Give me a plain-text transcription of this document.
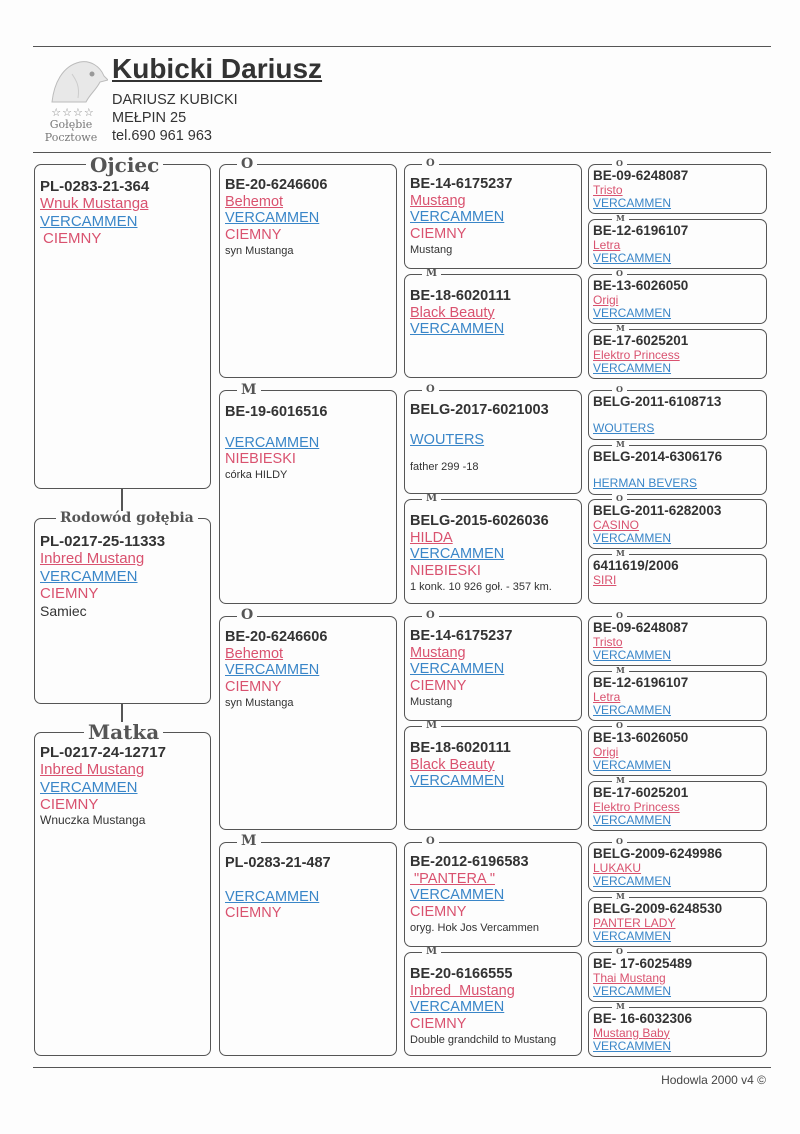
☆☆☆☆
Gołębie
Pocztowe
Kubicki Dariusz
DARIUSZ KUBICKI
MEŁPIN 25
tel.690 961 963
PL-0283-21-364
Wnuk Mustanga
VERCAMMEN
CIEMNY
Ojciec
PL-0217-25-11333
Inbred Mustang
VERCAMMEN
CIEMNY
Samiec
Rodowód gołębia
PL-0217-24-12717
Inbred Mustang
VERCAMMEN
CIEMNY
Wnuczka Mustanga
Matka
BE-20-6246606
Behemot
VERCAMMEN
CIEMNY
syn Mustanga
O
BE-19-6016516
VERCAMMEN
NIEBIESKI
córka HILDY
M
BE-20-6246606
Behemot
VERCAMMEN
CIEMNY
syn Mustanga
O
PL-0283-21-487
VERCAMMEN
CIEMNY
M
BE-14-6175237
Mustang
VERCAMMEN
CIEMNY
Mustang
O
BE-18-6020111
Black Beauty
VERCAMMEN
M
BELG-2017-6021003
WOUTERS
father 299 -18
O
BELG-2015-6026036
HILDA
VERCAMMEN
NIEBIESKI
1 konk. 10 926 goł. - 357 km.
M
BE-14-6175237
Mustang
VERCAMMEN
CIEMNY
Mustang
O
BE-18-6020111
Black Beauty
VERCAMMEN
M
BE-2012-6196583
"PANTERA "
VERCAMMEN
CIEMNY
oryg. Hok Jos Vercammen
O
BE-20-6166555
Inbred  Mustang
VERCAMMEN
CIEMNY
Double grandchild to Mustang
M
BE-09-6248087
Tristo
VERCAMMEN
O
BE-12-6196107
Letra
VERCAMMEN
M
BE-13-6026050
Origi
VERCAMMEN
O
BE-17-6025201
Elektro Princess
VERCAMMEN
M
BELG-2011-6108713
WOUTERS
O
BELG-2014-6306176
HERMAN BEVERS
M
BELG-2011-6282003
CASINO
VERCAMMEN
O
6411619/2006
SIRI
M
BE-09-6248087
Tristo
VERCAMMEN
O
BE-12-6196107
Letra
VERCAMMEN
M
BE-13-6026050
Origi
VERCAMMEN
O
BE-17-6025201
Elektro Princess
VERCAMMEN
M
BELG-2009-6249986
LUKAKU
VERCAMMEN
O
BELG-2009-6248530
PANTER LADY
VERCAMMEN
M
BE- 17-6025489
Thai Mustang
VERCAMMEN
O
BE- 16-6032306
Mustang Baby
VERCAMMEN
M
Hodowla 2000 v4 ©
